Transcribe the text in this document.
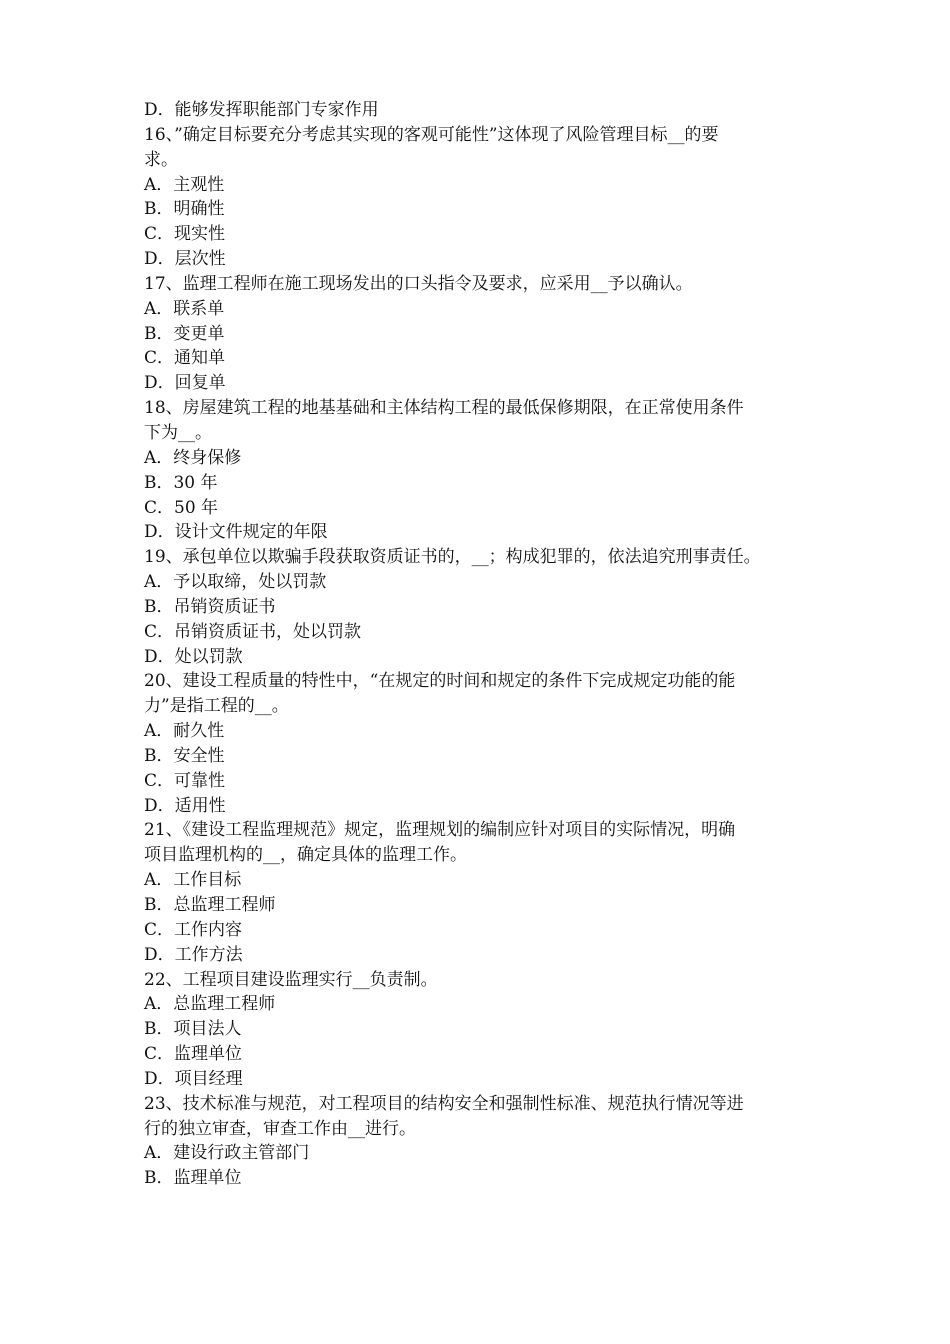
D．能够发挥职能部门专家作用
16、”确定目标要充分考虑其实现的客观可能性”这体现了风险管理目标__的要
求。
A．主观性
B．明确性
C．现实性
D．层次性
17、监理工程师在施工现场发出的口头指令及要求，应采用__予以确认。
A．联系单
B．变更单
C．通知单
D．回复单
18、房屋建筑工程的地基基础和主体结构工程的最低保修期限，在正常使用条件
下为__。
A．终身保修
B．30 年
C．50 年
D．设计文件规定的年限
19、承包单位以欺骗手段获取资质证书的，__；构成犯罪的，依法追究刑事责任。
A．予以取缔，处以罚款
B．吊销资质证书
C．吊销资质证书，处以罚款
D．处以罚款
20、建设工程质量的特性中，“在规定的时间和规定的条件下完成规定功能的能
力”是指工程的__。
A．耐久性
B．安全性
C．可靠性
D．适用性
21、《建设工程监理规范》规定，监理规划的编制应针对项目的实际情况，明确
项目监理机构的__，确定具体的监理工作。
A．工作目标
B．总监理工程师
C．工作内容
D．工作方法
22、工程项目建设监理实行__负责制。
A．总监理工程师
B．项目法人
C．监理单位
D．项目经理
23、技术标准与规范，对工程项目的结构安全和强制性标准、规范执行情况等进
行的独立审查，审查工作由__进行。
A．建设行政主管部门
B．监理单位
